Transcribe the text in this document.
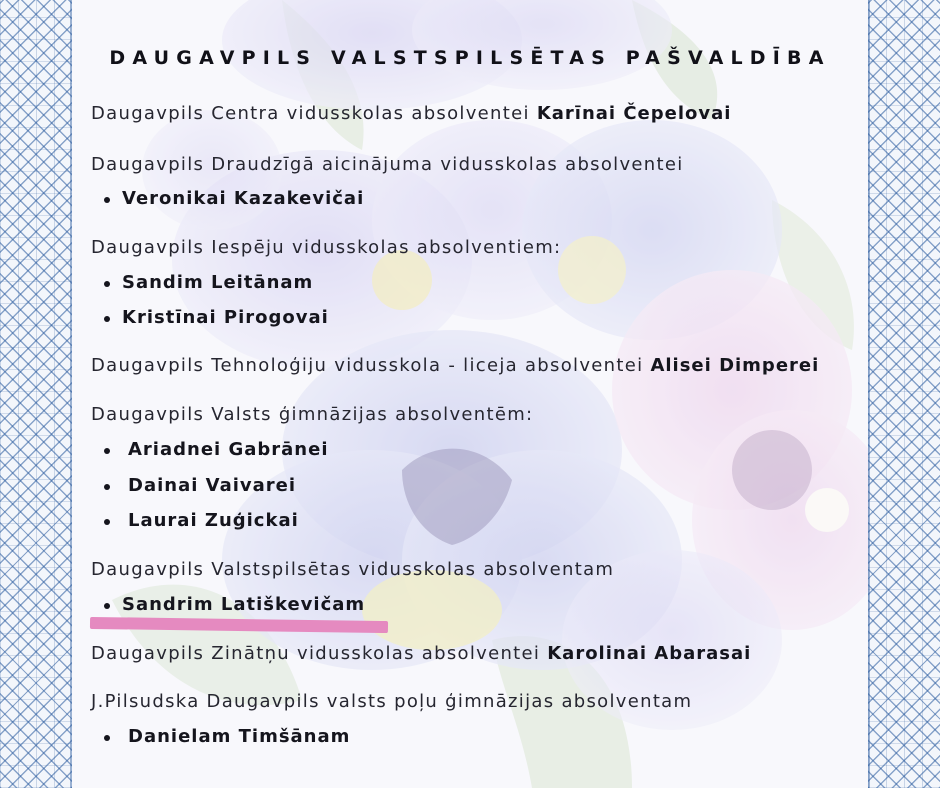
DAUGAVPILS VALSTSPILSĒTAS PAŠVALDĪBA
Daugavpils Centra vidusskolas absolventei Karīnai Čepelovai
Daugavpils Draudzīgā aicinājuma vidusskolas absolventei
Veronikai Kazakevičai
Daugavpils Iespēju vidusskolas absolventiem:
Sandim Leitānam
Kristīnai Pirogovai
Daugavpils Tehnoloģiju vidusskola - liceja absolventei Alisei Dimperei
Daugavpils Valsts ģimnāzijas absolventēm:
Ariadnei Gabrānei
Dainai Vaivarei
Laurai Zuģickai
Daugavpils Valstspilsētas vidusskolas absolventam
Sandrim Latiškevičam
Daugavpils Zinātņu vidusskolas absolventei Karolinai Abarasai
J.Pilsudska Daugavpils valsts poļu ģimnāzijas absolventam
Danielam Timšānam
